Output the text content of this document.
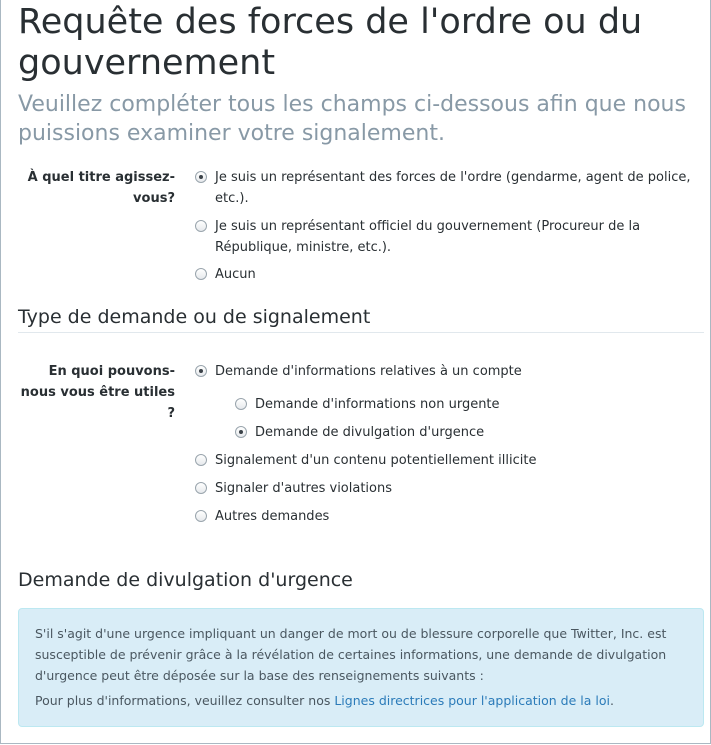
Requête des forces de l'ordre ou du gouvernement

Veuillez compléter tous les champs ci-dessous afin que nous puissions examiner votre signalement.

À quel titre agissez-vous?
Je suis un représentant des forces de l'ordre (gendarme, agent de police, etc.).
Je suis un représentant officiel du gouvernement (Procureur de la République, ministre, etc.).
Aucun
Type de demande ou de signalement
En quoi pouvons-nous vous être utiles ?
Demande d'informations relatives à un compte
Demande d'informations non urgente
Demande de divulgation d'urgence
Signalement d'un contenu potentiellement illicite
Signaler d'autres violations
Autres demandes
Demande de divulgation d'urgence

S'il s'agit d'une urgence impliquant un danger de mort ou de blessure corporelle que Twitter, Inc. est susceptible de prévenir grâce à la révélation de certaines informations, une demande de divulgation d'urgence peut être déposée sur la base des renseignements suivants :

Pour plus d'informations, veuillez consulter nos Lignes directrices pour l'application de la loi.
